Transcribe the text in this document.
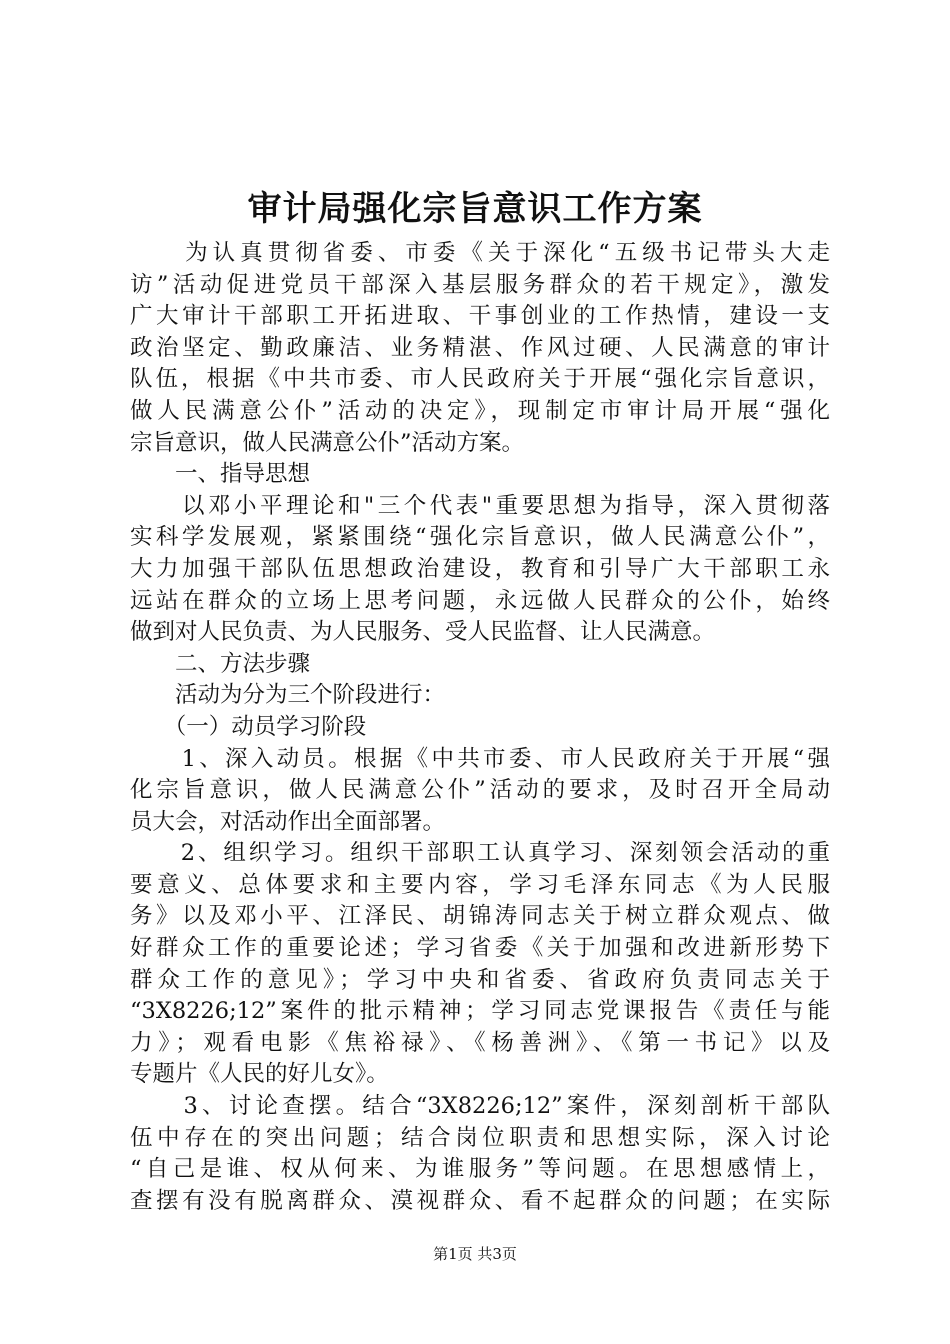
审计局强化宗旨意识工作方案
　　为认真贯彻省委、市委《关于深化“五级书记带头大走
访”活动促进党员干部深入基层服务群众的若干规定》，激发
广大审计干部职工开拓进取、干事创业的工作热情，建设一支
政治坚定、勤政廉洁、业务精湛、作风过硬、人民满意的审计
队伍，根据《中共市委、市人民政府关于开展“强化宗旨意识，
做人民满意公仆”活动的决定》，现制定市审计局开展“强化
宗旨意识，做人民满意公仆”活动方案。
　　一、指导思想
　　以邓小平理论和"三个代表"重要思想为指导，深入贯彻落
实科学发展观，紧紧围绕“强化宗旨意识，做人民满意公仆”，
大力加强干部队伍思想政治建设，教育和引导广大干部职工永
远站在群众的立场上思考问题，永远做人民群众的公仆，始终
做到对人民负责、为人民服务、受人民监督、让人民满意。
　　二、方法步骤
　　活动为分为三个阶段进行：
　　（一）动员学习阶段
　　1、深入动员。根据《中共市委、市人民政府关于开展“强
化宗旨意识，做人民满意公仆”活动的要求，及时召开全局动
员大会，对活动作出全面部署。
　　2、组织学习。组织干部职工认真学习、深刻领会活动的重
要意义、总体要求和主要内容，学习毛泽东同志《为人民服
务》以及邓小平、江泽民、胡锦涛同志关于树立群众观点、做
好群众工作的重要论述；学习省委《关于加强和改进新形势下
群众工作的意见》；学习中央和省委、省政府负责同志关于
“3X8226;12”案件的批示精神；学习同志党课报告《责任与能
力》；观看电影《焦裕禄》、《杨善洲》、《第一书记》以及
专题片《人民的好儿女》。
　　3、讨论查摆。结合“3X8226;12”案件，深刻剖析干部队
伍中存在的突出问题；结合岗位职责和思想实际，深入讨论
“自己是谁、权从何来、为谁服务”等问题。在思想感情上，
查摆有没有脱离群众、漠视群众、看不起群众的问题；在实际
第1页 共3页
